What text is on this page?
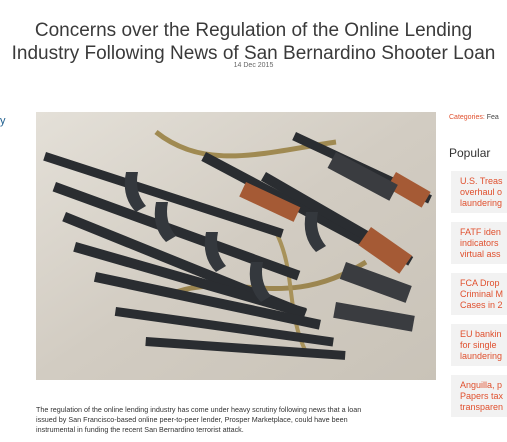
Concerns over the Regulation of the Online Lending
Industry Following News of San Bernardino Shooter Loan
14 Dec 2015
y
The regulation of the online lending industry has come under heavy scrutiny following news that a loan
issued by San Francisco-based online peer-to-peer lender, Prosper Marketplace, could have been
instrumental in funding the recent San Bernardino terrorist attack.
Categories: Fea
Popular
U.S. Treas
overhaul o
laundering
FATF iden
indicators
virtual ass
FCA Drop
Criminal M
Cases in 2
EU bankin
for single
laundering
Anguilla, p
Papers tax
transparen
